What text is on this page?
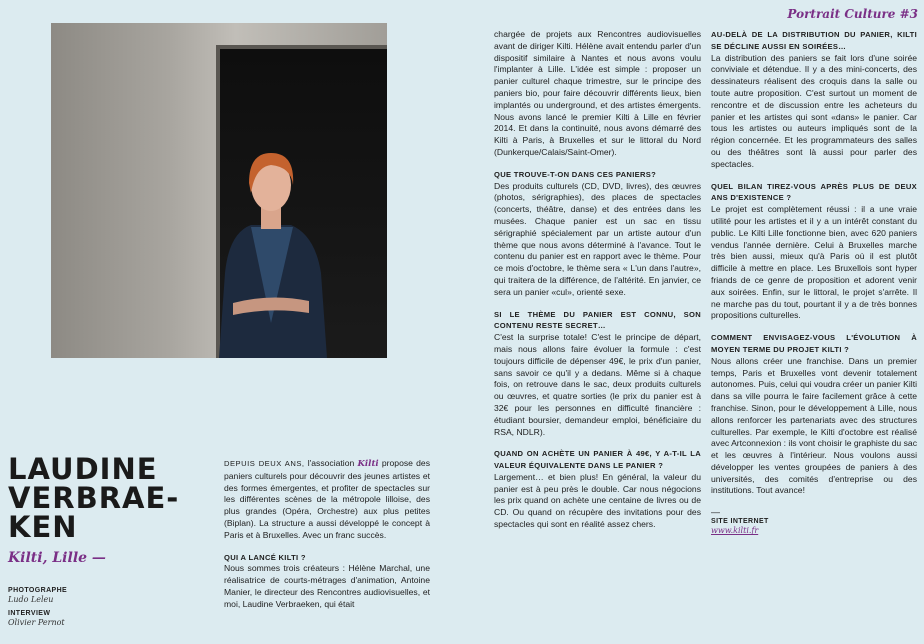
Portrait Culture #3
LAUDINE
VERBRAE-
KEN
Kilti, Lille —
PHOTOGRAPHE
Ludo Leleu
INTERVIEW
Olivier Pernot

DEPUIS DEUX ANS, l'association Kilti propose des paniers culturels pour découvrir des jeunes artistes et des formes émergentes, et profiter de spectacles sur les différentes scènes de la métropole lilloise, des plus grandes (Opéra, Orchestre) aux plus petites (Biplan). La structure a aussi développé le concept à Paris et à Bruxelles. Avec un franc succès.

QUI A LANCÉ KILTI ?

Nous sommes trois créateurs : Hélène Marchal, une réalisatrice de courts-métrages d'animation, Antoine Manier, le directeur des Rencontres audiovisuelles, et moi, Laudine Verbraeken, qui était

chargée de projets aux Rencontres audiovisuelles avant de diriger Kilti. Hélène avait entendu parler d'un dispositif similaire à Nantes et nous avons voulu l'implanter à Lille. L'idée est simple : proposer un panier culturel chaque trimestre, sur le principe des paniers bio, pour faire découvrir différents lieux, bien implantés ou underground, et des artistes émergents. Nous avons lancé le premier Kilti à Lille en février 2014. Et dans la continuité, nous avons démarré des Kilti à Paris, à Bruxelles et sur le littoral du Nord (Dunkerque/Calais/Saint-Omer).

QUE TROUVE-T-ON DANS CES PANIERS?

Des produits culturels (CD, DVD, livres), des œuvres (photos, sérigraphies), des places de spectacles (concerts, théâtre, danse) et des entrées dans les musées. Chaque panier est un sac en tissu sérigraphié spécialement par un artiste autour d'un thème que nous avons déterminé à l'avance. Tout le contenu du panier est en rapport avec le thème. Pour ce mois d'octobre, le thème sera « L'un dans l'autre», qui traitera de la différence, de l'altérité. En janvier, ce sera un panier «cul», orienté sexe.

SI LE THÈME DU PANIER EST CONNU, SON CONTENU RESTE SECRET…

C'est la surprise totale! C'est le principe de départ, mais nous allons faire évoluer la formule : c'est toujours difficile de dépenser 49€, le prix d'un panier, sans savoir ce qu'il y a dedans. Même si à chaque fois, on retrouve dans le sac, deux produits culturels ou œuvres, et quatre sorties (le prix du panier est à 32€ pour les personnes en difficulté financière : étudiant boursier, demandeur emploi, bénéficiaire du RSA, NDLR).

QUAND ON ACHÈTE UN PANIER À 49€, Y A-T-IL LA VALEUR ÉQUIVALENTE DANS LE PANIER ?

Largement… et bien plus! En général, la valeur du panier est à peu près le double. Car nous négocions les prix quand on achète une centaine de livres ou de CD. Ou quand on récupère des invitations pour des spectacles qui sont en réalité assez chers.

AU-DELÀ DE LA DISTRIBUTION DU PANIER, KILTI SE DÉCLINE AUSSI EN SOIRÉES…

La distribution des paniers se fait lors d'une soirée conviviale et détendue. Il y a des mini-concerts, des dessinateurs réalisent des croquis dans la salle ou toute autre proposition. C'est surtout un moment de rencontre et de discussion entre les acheteurs du panier et les artistes qui sont «dans» le panier. Car tous les artistes ou auteurs impliqués sont de la région concernée. Et les programmateurs des salles ou des théâtres sont là aussi pour parler des spectacles.

QUEL BILAN TIREZ-VOUS APRÈS PLUS DE DEUX ANS D'EXISTENCE ?

Le projet est complètement réussi : il a une vraie utilité pour les artistes et il y a un intérêt constant du public. Le Kilti Lille fonctionne bien, avec 620 paniers vendus l'année dernière. Celui à Bruxelles marche très bien aussi, mieux qu'à Paris où il est plutôt difficile à mettre en place. Les Bruxellois sont hyper friands de ce genre de proposition et adorent venir aux soirées. Enfin, sur le littoral, le projet s'arrête. Il ne marche pas du tout, pourtant il y a de très bonnes propositions culturelles.

COMMENT ENVISAGEZ-VOUS L'ÉVOLUTION À MOYEN TERME DU PROJET KILTI ?

Nous allons créer une franchise. Dans un premier temps, Paris et Bruxelles vont devenir totalement autonomes. Puis, celui qui voudra créer un panier Kilti dans sa ville pourra le faire facilement grâce à cette franchise. Sinon, pour le développement à Lille, nous allons renforcer les partenariats avec des structures culturelles. Par exemple, le Kilti d'octobre est réalisé avec Artconnexion : ils vont choisir le graphiste du sac et les œuvres à l'intérieur. Nous voulons aussi développer les ventes groupées de paniers à des universités, des comités d'entreprise ou des institutions. Tout avance!

—
SITE INTERNET
www.kilti.fr
